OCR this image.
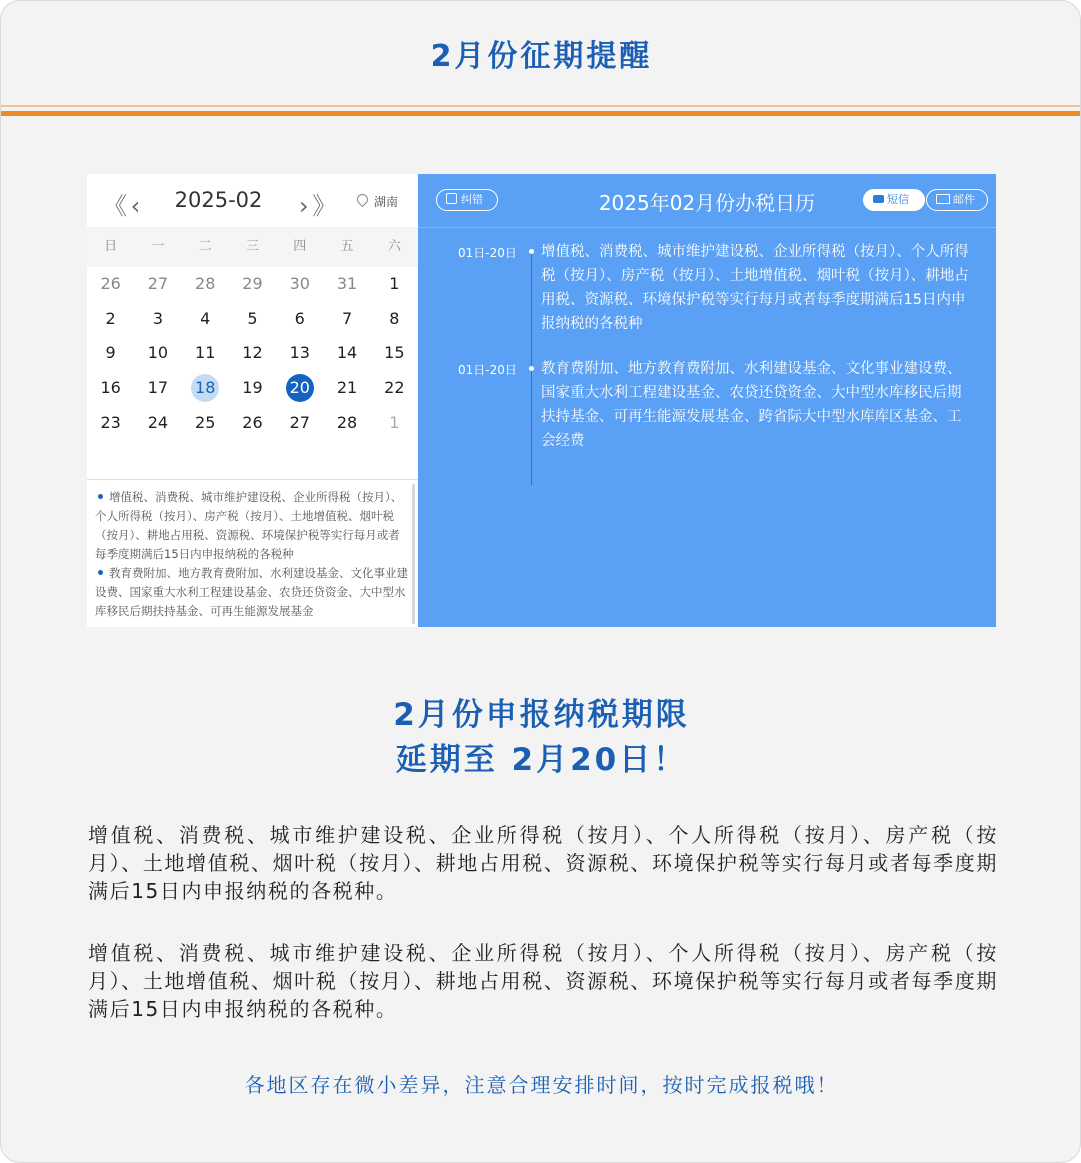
2月份征期提醒
《 ‹ 2025-02 › 》	湖南
日	一	二	三	四	五	六
26 27 28 29 30 31	1
2	3	4	5	6	7	8
9	10 11 12 13 14 15
16 17 18 19 20 21 22
23 24 25 26 27 28	1
增值税、消费税、城市维护建设税、企业所得税（按月）、个人所得税（按月）、房产税（按月）、土地增值税、烟叶税（按月）、耕地占用税、资源税、环境保护税等实行每月或者每季度期满后15日内申报纳税的各税种
教育费附加、地方教育费附加、水利建设基金、文化事业建设费、国家重大水利工程建设基金、农贷还贷资金、大中型水库移民后期扶持基金、可再生能源发展基金
纠错	2025年02月份办税日历	短信	邮件
01日-20日 增值税、消费税、城市维护建设税、企业所得税（按月）、个人所得税（按月）、房产税（按月）、土地增值税、烟叶税（按月）、耕地占用税、资源税、环境保护税等实行每月或者每季度期满后15日内申报纳税的各税种
01日-20日 教育费附加、地方教育费附加、水利建设基金、文化事业建设费、国家重大水利工程建设基金、农贷还贷资金、大中型水库移民后期扶持基金、可再生能源发展基金、跨省际大中型水库库区基金、工会经费
2月份申报纳税期限
延期至 2月20日！
增值税、消费税、城市维护建设税、企业所得税（按月）、个人所得税（按月）、房产税（按月）、土地增值税、烟叶税（按月）、耕地占用税、资源税、环境保护税等实行每月或者每季度期满后15日内申报纳税的各税种。
增值税、消费税、城市维护建设税、企业所得税（按月）、个人所得税（按月）、房产税（按月）、土地增值税、烟叶税（按月）、耕地占用税、资源税、环境保护税等实行每月或者每季度期满后15日内申报纳税的各税种。
各地区存在微小差异，注意合理安排时间，按时完成报税哦！
